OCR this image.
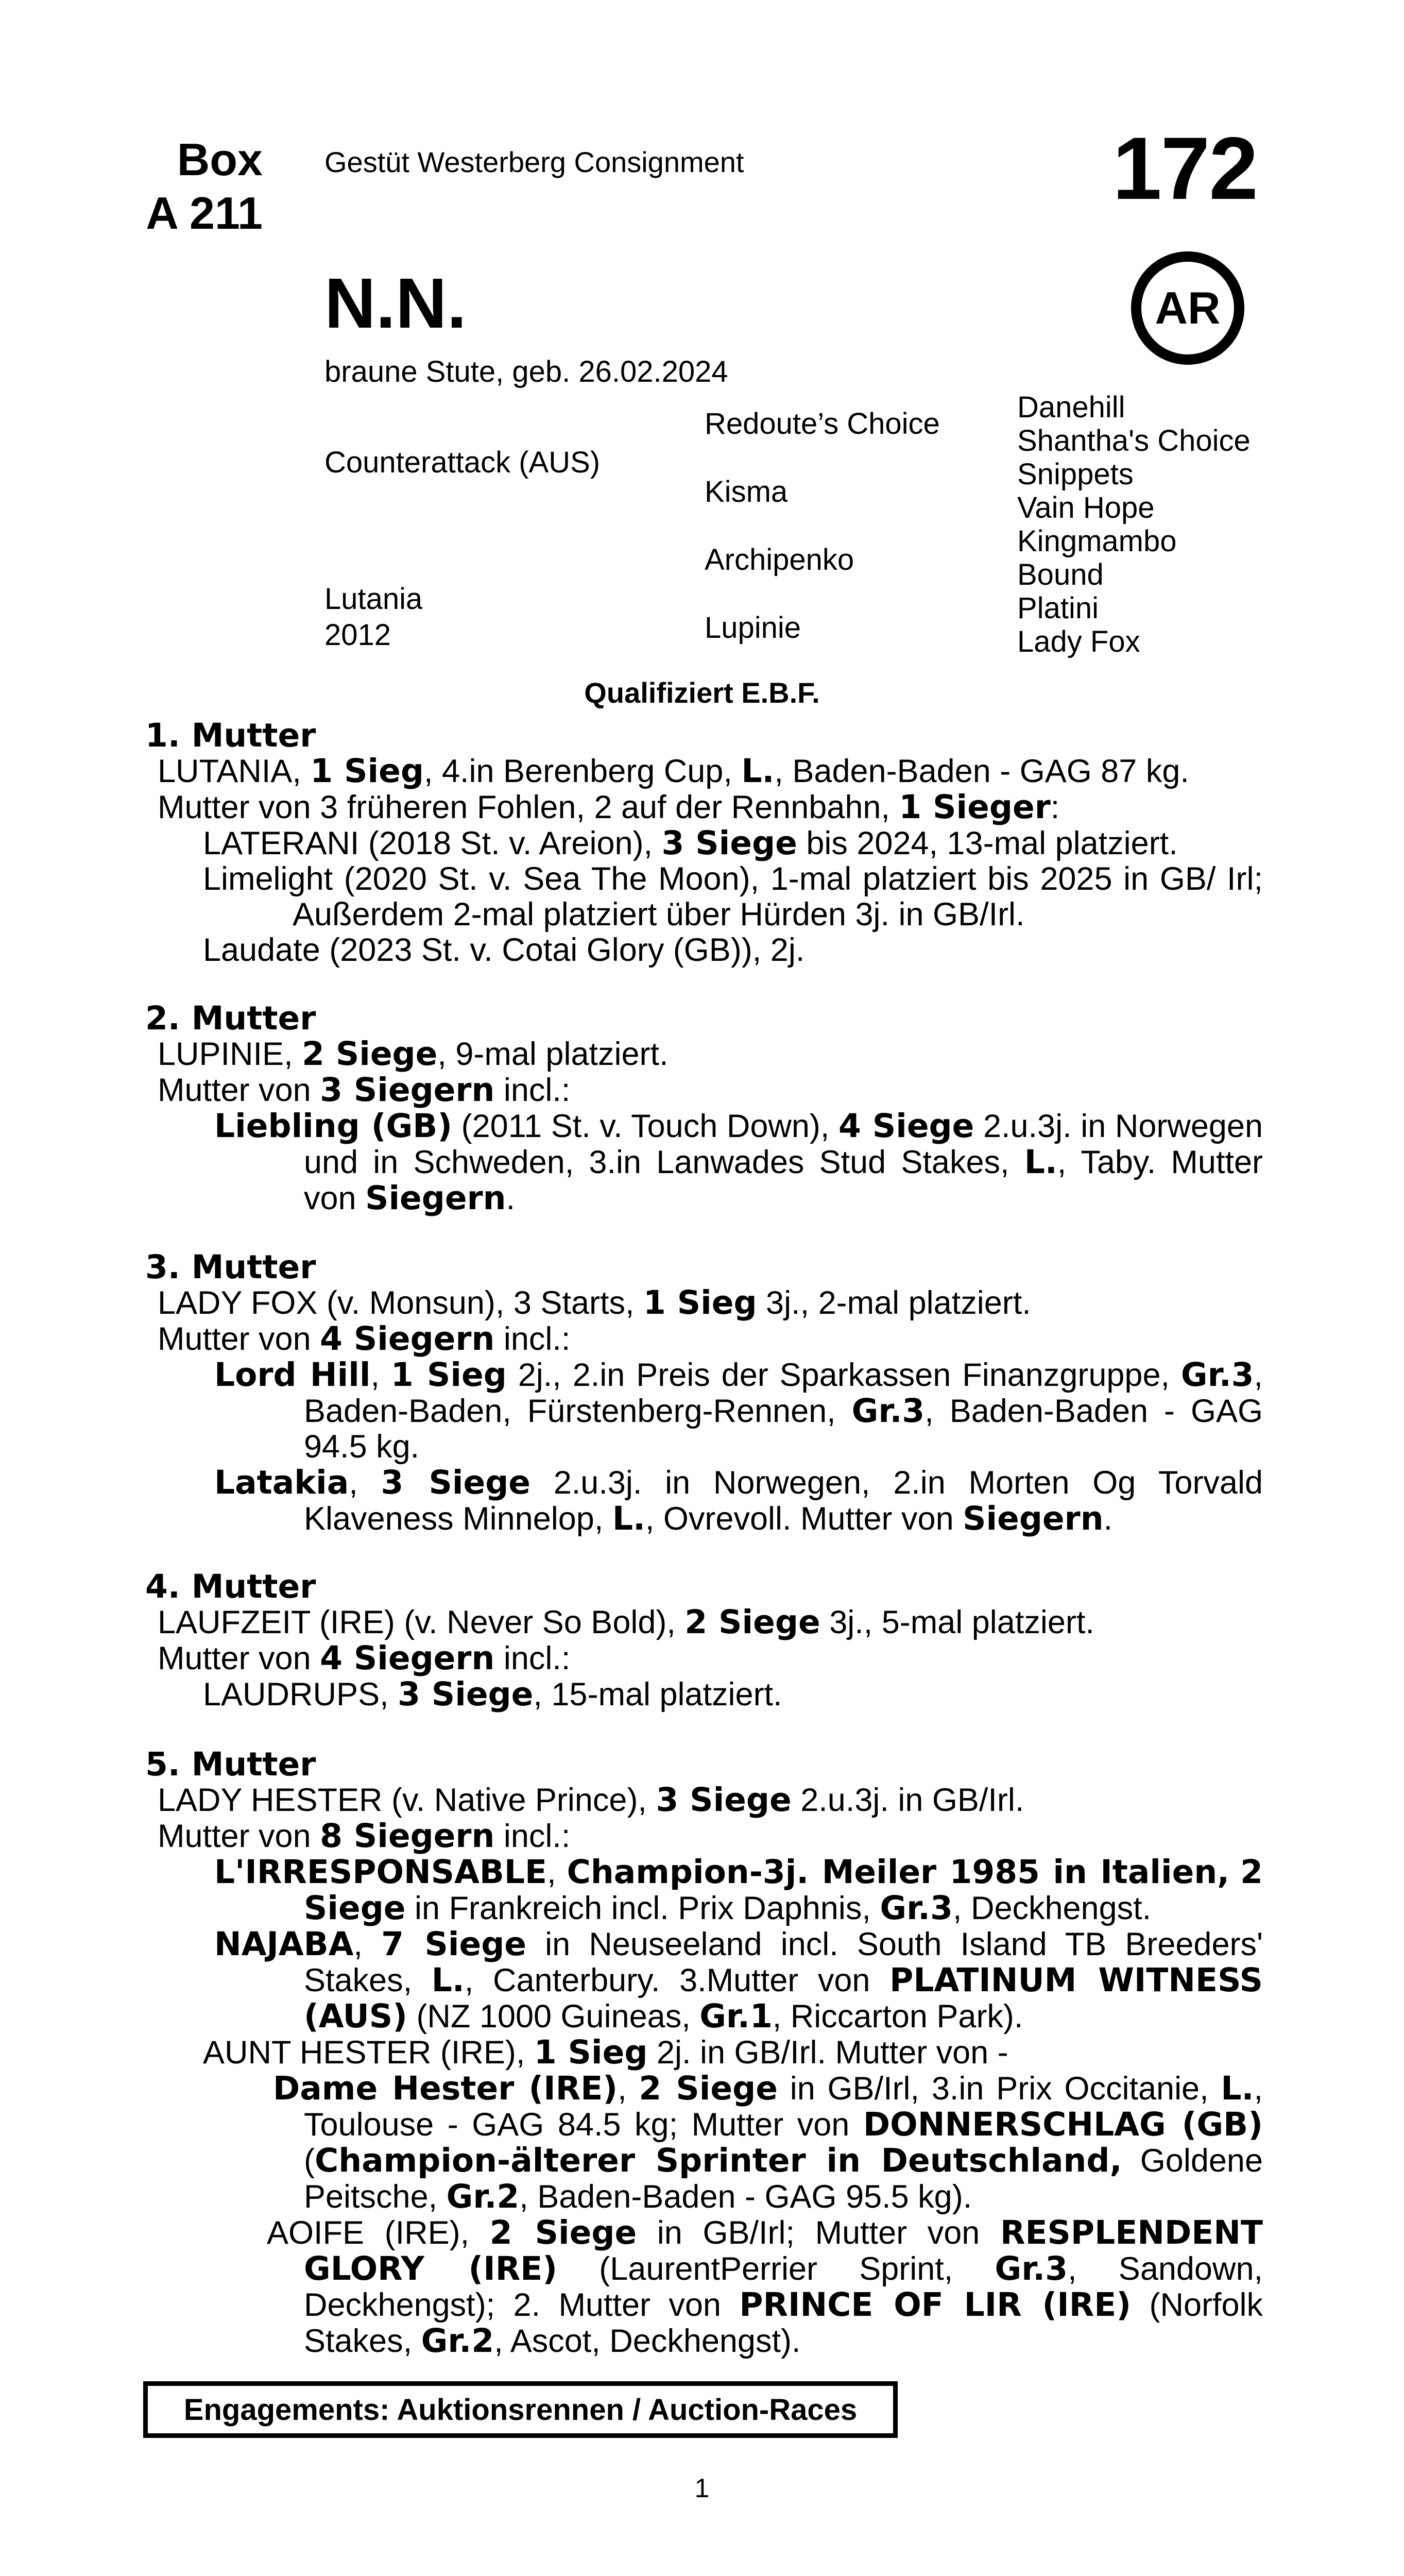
Box
A 211
Gestüt Westerberg Consignment	172
N.N.	AR
braune Stute, geb. 26.02.2024
Counterattack (AUS)
Lutania
2012
Redoute’s Choice
Kisma
Archipenko
Lupinie
Danehill
Shantha's Choice
Snippets
Vain Hope
Kingmambo
Bound
Platini
Lady Fox
Qualifiziert E.B.F.
1. Mutter
LUTANIA, 1 Sieg, 4.in Berenberg Cup, L., Baden-Baden - GAG 87 kg.
Mutter von 3 früheren Fohlen, 2 auf der Rennbahn, 1 Sieger:
LATERANI (2018 St. v. Areion), 3 Siege bis 2024, 13-mal platziert.
Limelight (2020 St. v. Sea The Moon), 1-mal platziert bis 2025 in GB/ Irl; Außerdem 2-mal platziert über Hürden 3j. in GB/Irl.
Laudate (2023 St. v. Cotai Glory (GB)), 2j.
2. Mutter
LUPINIE, 2 Siege, 9-mal platziert.
Mutter von 3 Siegern incl.:
Liebling (GB) (2011 St. v. Touch Down), 4 Siege 2.u.3j. in Norwegen und in Schweden, 3.in Lanwades Stud Stakes, L., Taby. Mutter von Siegern.
3. Mutter
LADY FOX (v. Monsun), 3 Starts, 1 Sieg 3j., 2-mal platziert.
Mutter von 4 Siegern incl.:
Lord Hill, 1 Sieg 2j., 2.in Preis der Sparkassen Finanzgruppe, Gr.3, Baden-Baden, Fürstenberg-Rennen, Gr.3, Baden-Baden - GAG 94.5 kg.
Latakia, 3 Siege 2.u.3j. in Norwegen, 2.in Morten Og Torvald Klaveness Minnelop, L., Ovrevoll. Mutter von Siegern.
4. Mutter
LAUFZEIT (IRE) (v. Never So Bold), 2 Siege 3j., 5-mal platziert.
Mutter von 4 Siegern incl.:
LAUDRUPS, 3 Siege, 15-mal platziert.
5. Mutter
LADY HESTER (v. Native Prince), 3 Siege 2.u.3j. in GB/Irl.
Mutter von 8 Siegern incl.:
L'IRRESPONSABLE, Champion-3j. Meiler 1985 in Italien, 2 Siege in Frankreich incl. Prix Daphnis, Gr.3, Deckhengst.
NAJABA, 7 Siege in Neuseeland incl. South Island TB Breeders' Stakes, L., Canterbury. 3.Mutter von PLATINUM WITNESS (AUS) (NZ 1000 Guineas, Gr.1, Riccarton Park).
AUNT HESTER (IRE), 1 Sieg 2j. in GB/Irl. Mutter von -
Dame Hester (IRE), 2 Siege in GB/Irl, 3.in Prix Occitanie, L., Toulouse - GAG 84.5 kg; Mutter von DONNERSCHLAG (GB) (Champion-älterer Sprinter in Deutschland, Goldene Peitsche, Gr.2, Baden-Baden - GAG 95.5 kg).
AOIFE (IRE), 2 Siege in GB/Irl; Mutter von RESPLENDENT GLORY (IRE) (LaurentPerrier Sprint, Gr.3, Sandown, Deckhengst); 2. Mutter von PRINCE OF LIR (IRE) (Norfolk Stakes, Gr.2, Ascot, Deckhengst).
Engagements: Auktionsrennen / Auction-Races
1
